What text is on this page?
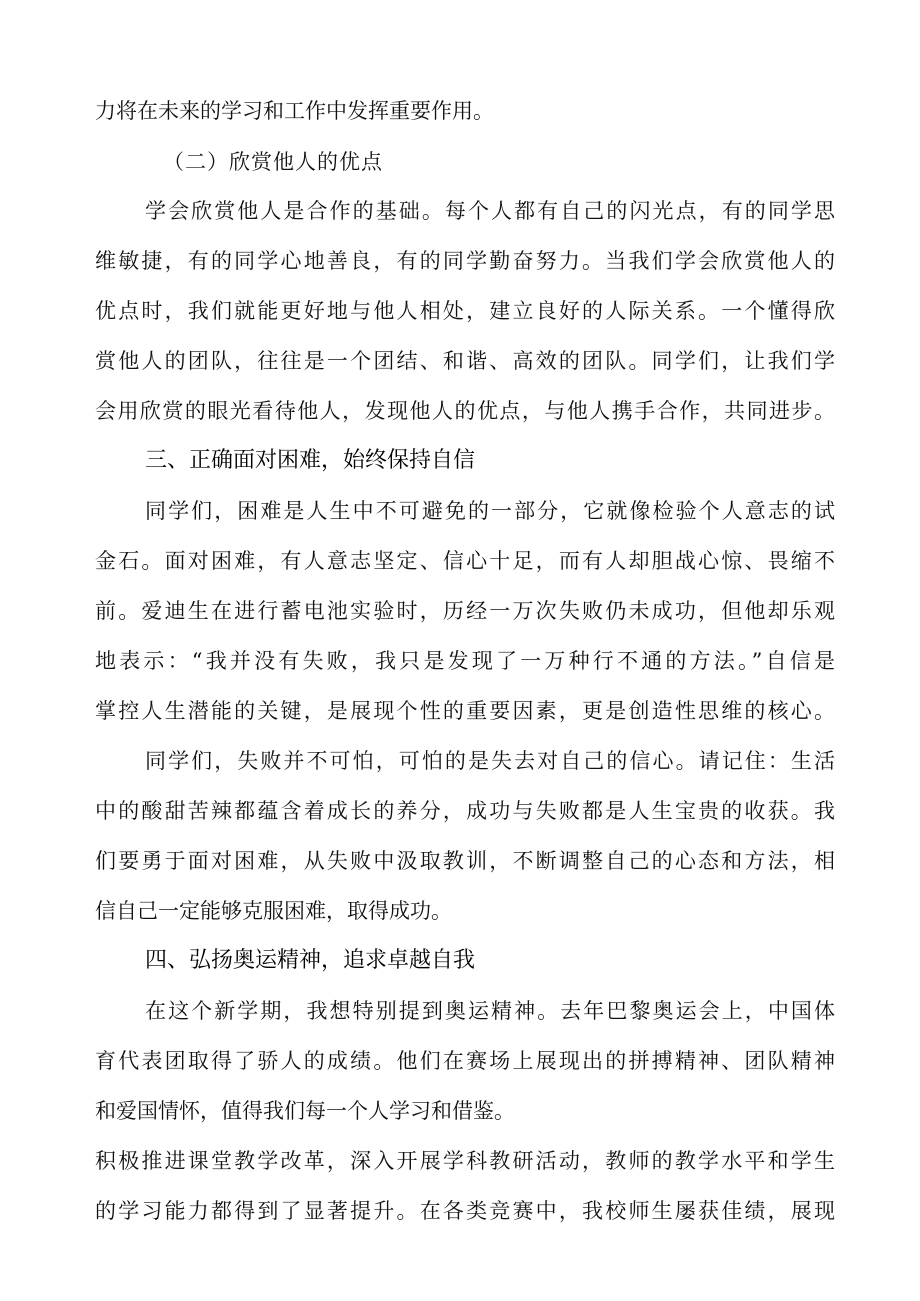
力将在未来的学习和工作中发挥重要作用。
（二）欣赏他人的优点
学会欣赏他人是合作的基础。每个人都有自己的闪光点，有的同学思
维敏捷，有的同学心地善良，有的同学勤奋努力。当我们学会欣赏他人的
优点时，我们就能更好地与他人相处，建立良好的人际关系。一个懂得欣
赏他人的团队，往往是一个团结、和谐、高效的团队。同学们，让我们学
会用欣赏的眼光看待他人，发现他人的优点，与他人携手合作，共同进步。
三、正确面对困难，始终保持自信
同学们，困难是人生中不可避免的一部分，它就像检验个人意志的试
金石。面对困难，有人意志坚定、信心十足，而有人却胆战心惊、畏缩不
前。爱迪生在进行蓄电池实验时，历经一万次失败仍未成功，但他却乐观
地表示：“我并没有失败，我只是发现了一万种行不通的方法。”自信是
掌控人生潜能的关键，是展现个性的重要因素，更是创造性思维的核心。
同学们，失败并不可怕，可怕的是失去对自己的信心。请记住：生活
中的酸甜苦辣都蕴含着成长的养分，成功与失败都是人生宝贵的收获。我
们要勇于面对困难，从失败中汲取教训，不断调整自己的心态和方法，相
信自己一定能够克服困难，取得成功。
四、弘扬奥运精神，追求卓越自我
在这个新学期，我想特别提到奥运精神。去年巴黎奥运会上，中国体
育代表团取得了骄人的成绩。他们在赛场上展现出的拼搏精神、团队精神
和爱国情怀，值得我们每一个人学习和借鉴。
积极推进课堂教学改革，深入开展学科教研活动，教师的教学水平和学生
的学习能力都得到了显著提升。在各类竞赛中，我校师生屡获佳绩，展现
